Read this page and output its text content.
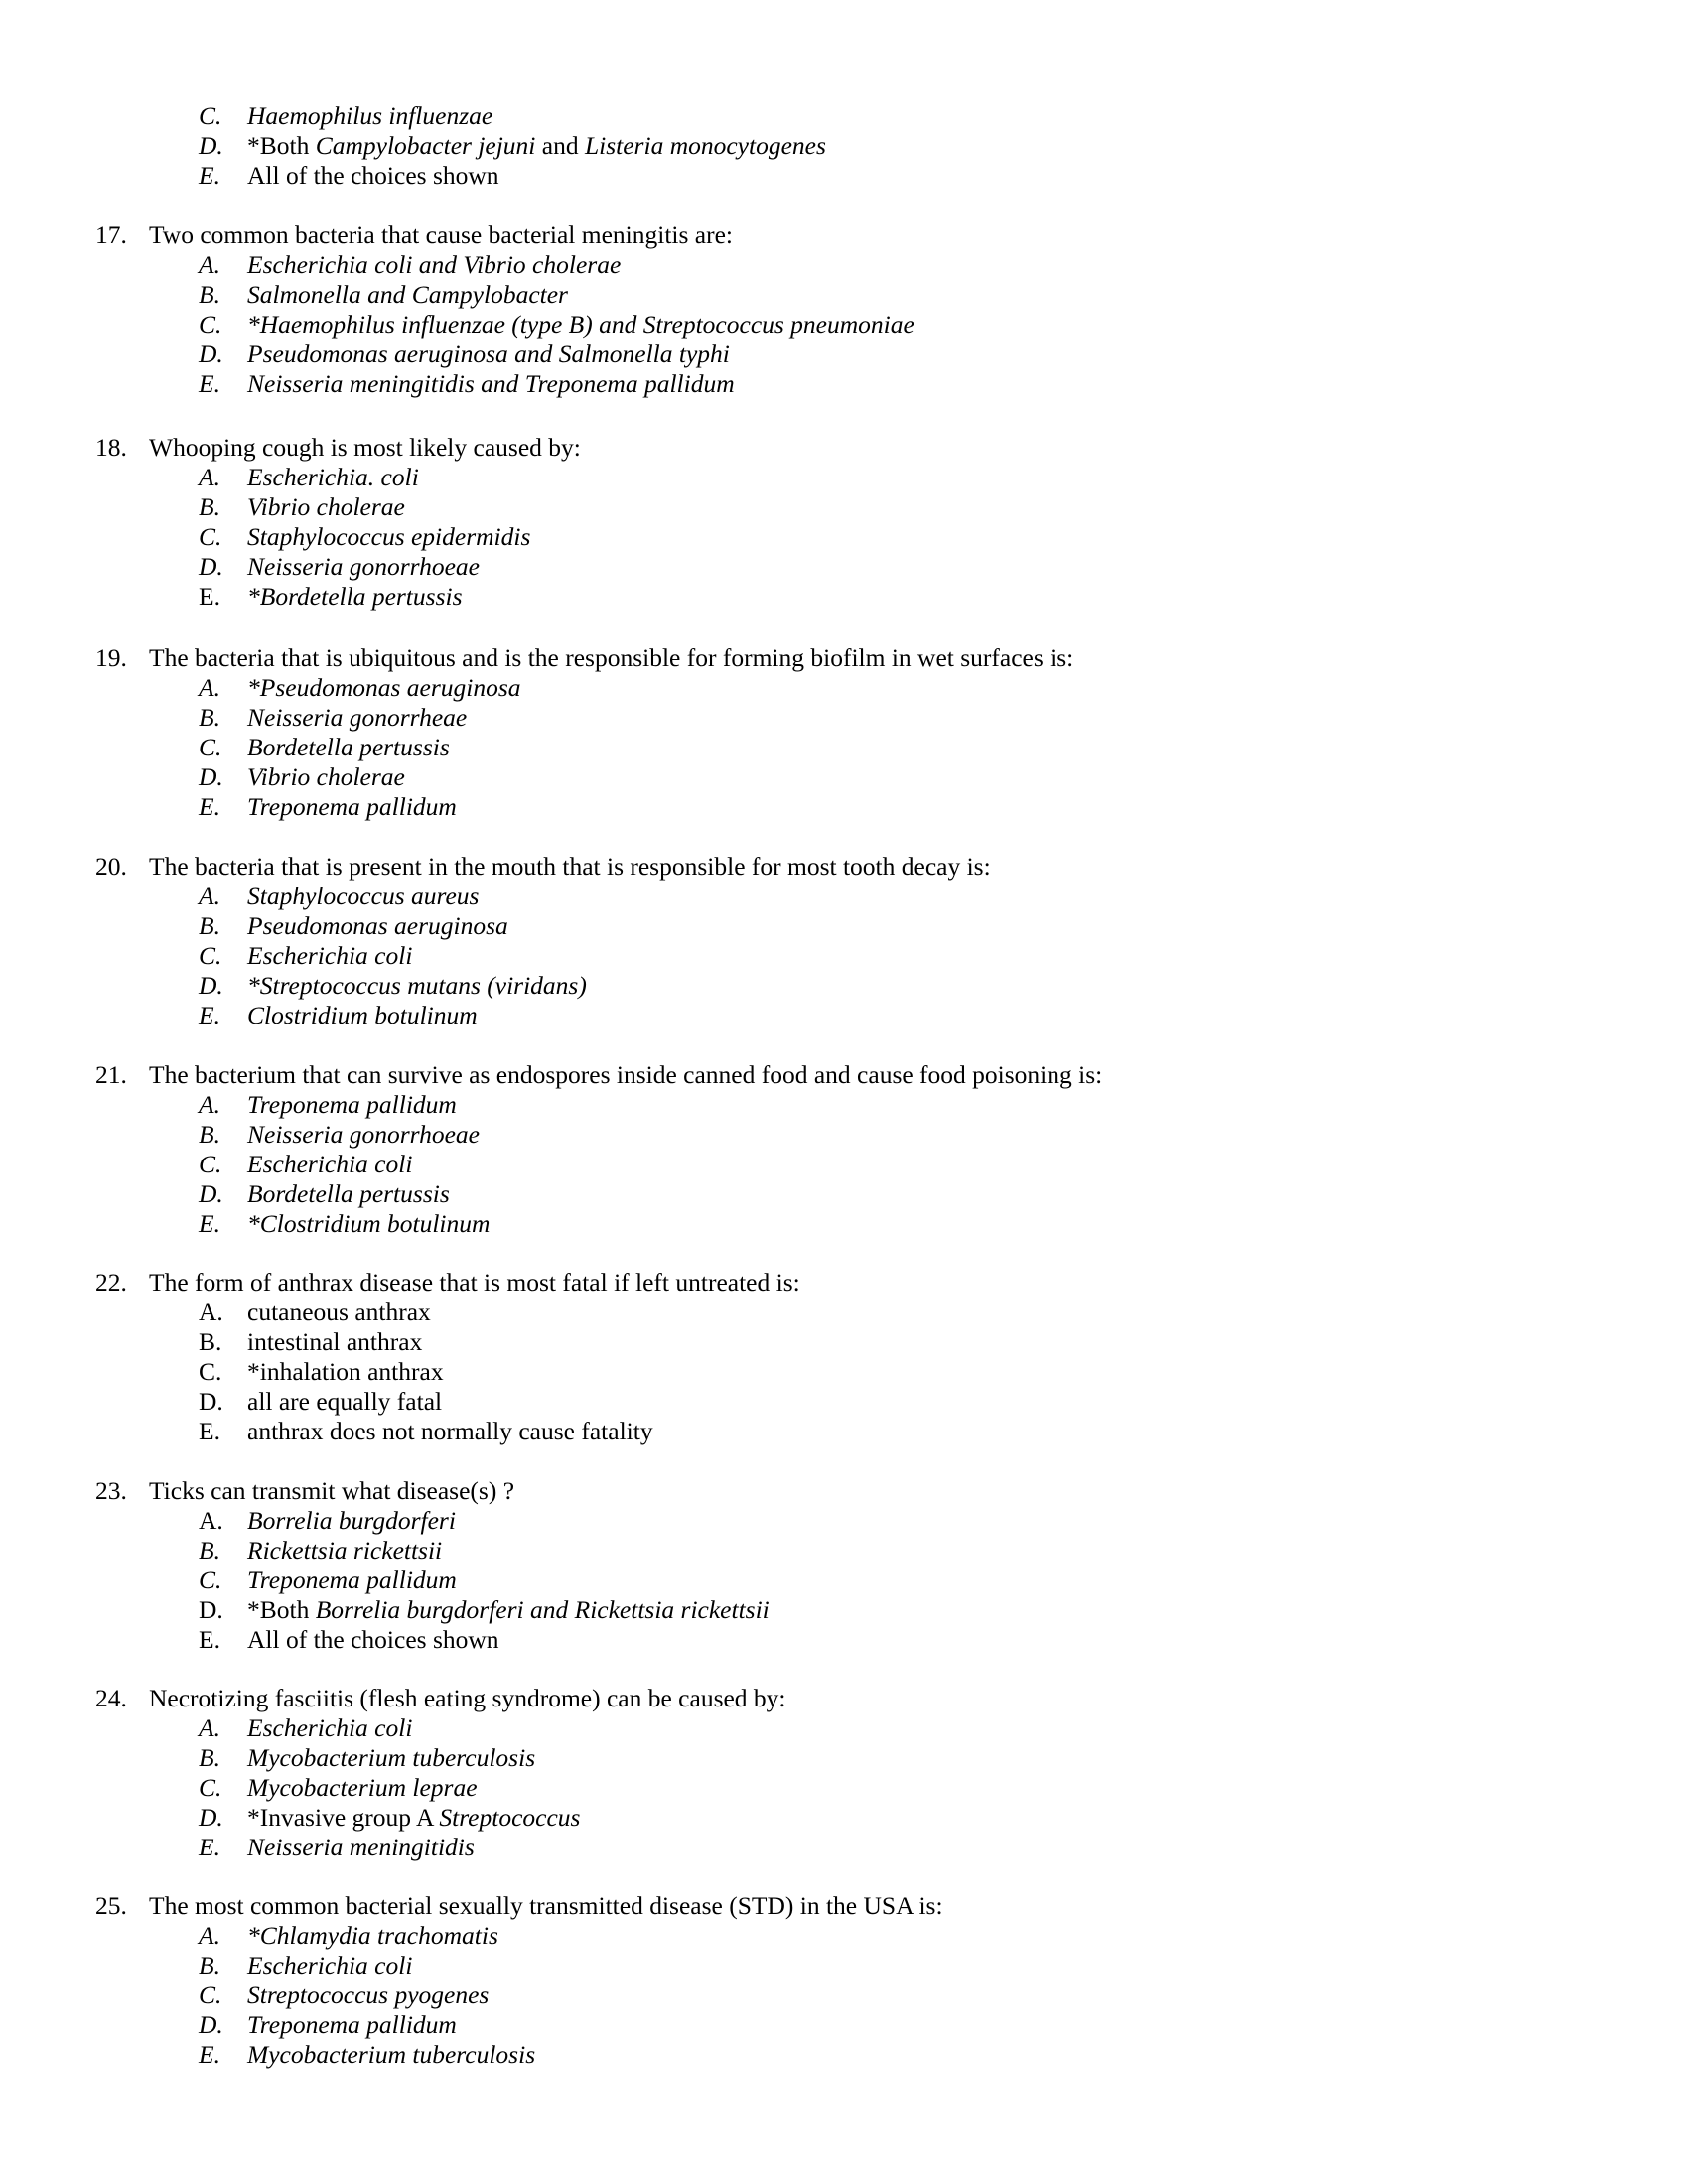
C.	Haemophilus influenzae
D. *Both Campylobacter jejuni and Listeria monocytogenes
E.	All of the choices shown
17. Two common bacteria that cause bacterial meningitis are:
A.	Escherichia coli and Vibrio cholerae
B.	Salmonella and Campylobacter
C.	*Haemophilus influenzae (type B) and Streptococcus pneumoniae
D. Pseudomonas aeruginosa and Salmonella typhi
E.	Neisseria meningitidis and Treponema pallidum
18. Whooping cough is most likely caused by:
A.	Escherichia. coli
B.	Vibrio cholerae
C.	Staphylococcus epidermidis
D. Neisseria gonorrhoeae
E.	*Bordetella pertussis
19. The bacteria that is ubiquitous and is the responsible for forming biofilm in wet surfaces is:
A.	*Pseudomonas aeruginosa
B.	Neisseria gonorrheae
C.	Bordetella pertussis
D. Vibrio cholerae
E.	Treponema pallidum
20. The bacteria that is present in the mouth that is responsible for most tooth decay is:
A.	Staphylococcus aureus
B.	Pseudomonas aeruginosa
C.	Escherichia coli
D. *Streptococcus mutans (viridans)
E.	Clostridium botulinum
21. The bacterium that can survive as endospores inside canned food and cause food poisoning is:
A.	Treponema pallidum
B.	Neisseria gonorrhoeae
C.	Escherichia coli
D. Bordetella pertussis
E.	*Clostridium botulinum
22. The form of anthrax disease that is most fatal if left untreated is:
A. cutaneous anthrax
B.	intestinal anthrax
C.	*inhalation anthrax
D. all are equally fatal
E.	anthrax does not normally cause fatality
23. Ticks can transmit what disease(s) ?
A. Borrelia burgdorferi
B.	Rickettsia rickettsii
C.	Treponema pallidum
D. *Both Borrelia burgdorferi and Rickettsia rickettsii
E.	All of the choices shown
24. Necrotizing fasciitis (flesh eating syndrome) can be caused by:
A.	Escherichia coli
B.	Mycobacterium tuberculosis
C.	Mycobacterium leprae
D. *Invasive group A Streptococcus
E.	Neisseria meningitidis
25. The most common bacterial sexually transmitted disease (STD) in the USA is:
A.	*Chlamydia trachomatis
B.	Escherichia coli
C.	Streptococcus pyogenes
D. Treponema pallidum
E.	Mycobacterium tuberculosis
